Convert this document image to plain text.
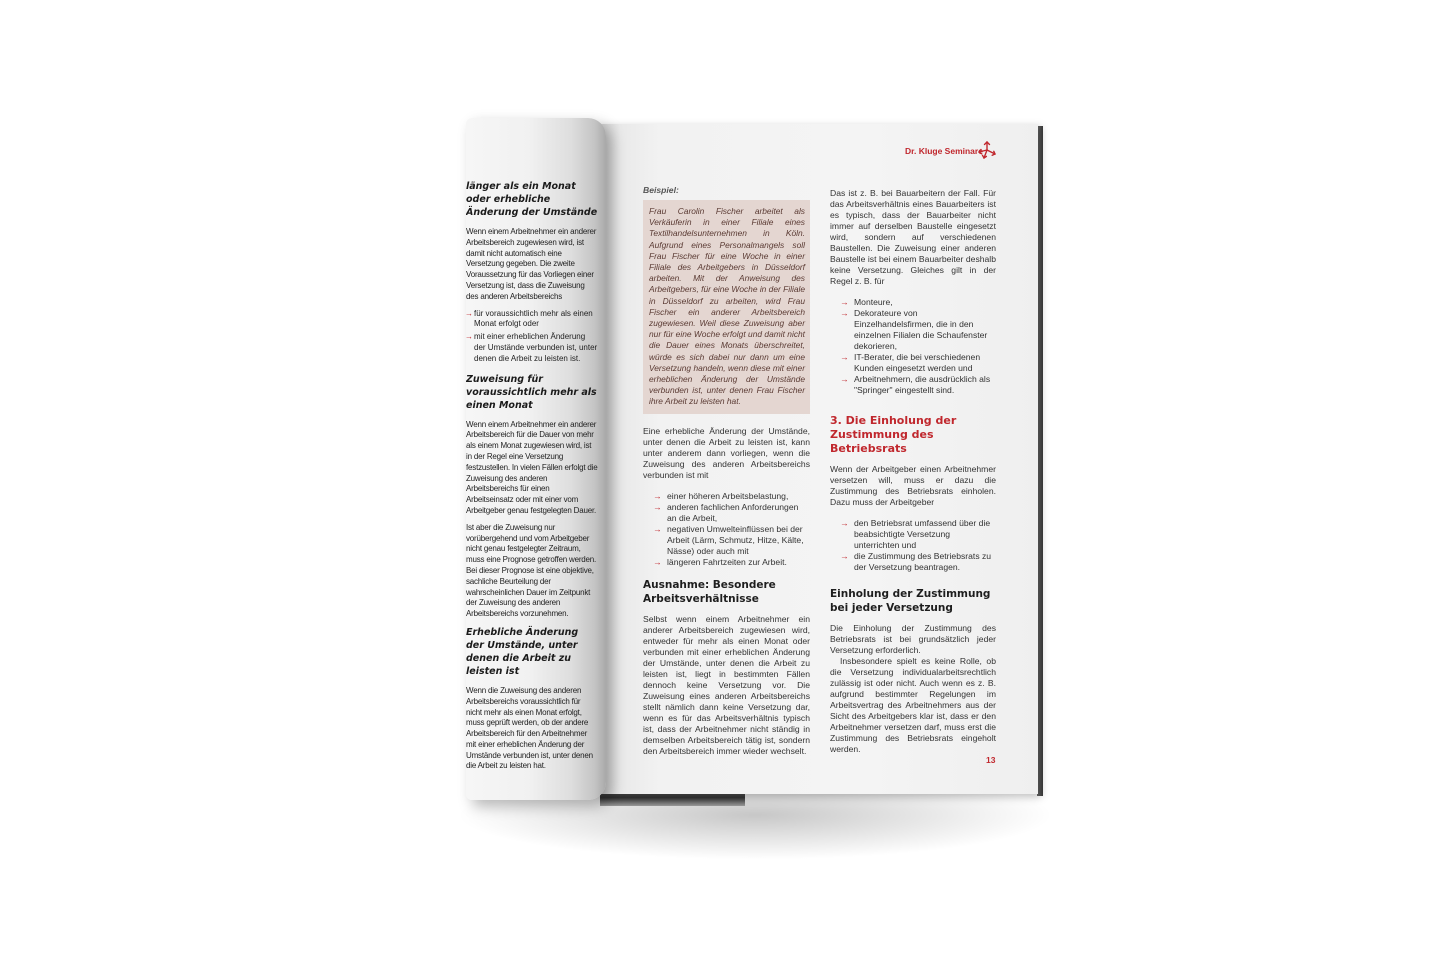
Dr. Kluge Seminare

Beispiel:

Frau Carolin Fischer arbeitet als Verkäuferin in einer Filiale eines Textilhandelsunternehmen in Köln. Aufgrund eines Personalmangels soll Frau Fischer für eine Woche in einer Filiale des Arbeitgebers in Düsseldorf arbeiten. Mit der Anweisung des Arbeitgebers, für eine Woche in der Filiale in Düsseldorf zu arbeiten, wird Frau Fischer ein anderer Arbeitsbereich zugewiesen. Weil diese Zuweisung aber nur für eine Woche erfolgt und damit nicht die Dauer eines Monats überschreitet, würde es sich dabei nur dann um eine Versetzung handeln, wenn diese mit einer erheblichen Änderung der Umstände verbunden ist, unter denen Frau Fischer ihre Arbeit zu leisten hat.

Eine erhebliche Änderung der Umstände, unter denen die Arbeit zu leisten ist, kann unter anderem dann vorliegen, wenn die Zuweisung des anderen Arbeitsbereichs verbunden ist mit

→ einer höheren Arbeitsbelastung,
→ anderen fachlichen Anforderungen an die Arbeit,
→ negativen Umwelteinflüssen bei der Arbeit (Lärm, Schmutz, Hitze, Kälte, Nässe) oder auch mit
→ längeren Fahrtzeiten zur Arbeit.
Ausnahme: Besondere Arbeitsverhältnisse

Selbst wenn einem Arbeitnehmer ein anderer Arbeitsbereich zugewiesen wird, entweder für mehr als einen Monat oder verbunden mit einer erheblichen Änderung der Umstände, unter denen die Arbeit zu leisten ist, liegt in bestimmten Fällen dennoch keine Versetzung vor. Die Zuweisung eines anderen Arbeitsbereichs stellt nämlich dann keine Versetzung dar, wenn es für das Arbeitsverhältnis typisch ist, dass der Arbeitnehmer nicht ständig in demselben Arbeitsbereich tätig ist, sondern den Arbeitsbereich immer wieder wechselt.

Das ist z. B. bei Bauarbeitern der Fall. Für das Arbeitsverhältnis eines Bauarbeiters ist es typisch, dass der Bauarbeiter nicht immer auf derselben Baustelle eingesetzt wird, sondern auf verschiedenen Baustellen. Die Zuweisung einer anderen Baustelle ist bei einem Bauarbeiter deshalb keine Versetzung. Gleiches gilt in der Regel z. B. für

→ Monteure,
→ Dekorateure von Einzelhandelsfirmen, die in den einzelnen Filialen die Schaufenster dekorieren,
→ IT-Berater, die bei verschiedenen Kunden eingesetzt werden und
→ Arbeitnehmern, die ausdrücklich als "Springer" eingestellt sind.
3. Die Einholung der Zustimmung des Betriebsrats

Wenn der Arbeitgeber einen Arbeitnehmer versetzen will, muss er dazu die Zustimmung des Betriebsrats einholen. Dazu muss der Arbeitgeber

→ den Betriebsrat umfassend über die beabsichtigte Versetzung unterrichten und
→ die Zustimmung des Betriebsrats zu der Versetzung beantragen.
Einholung der Zustimmung bei jeder Versetzung

Die Einholung der Zustimmung des Betriebsrats ist bei grundsätzlich jeder Versetzung erforderlich.

Insbesondere spielt es keine Rolle, ob die Versetzung individualarbeitsrechtlich zulässig ist oder nicht. Auch wenn es z. B. aufgrund bestimmter Regelungen im Arbeitsvertrag des Arbeitnehmers aus der Sicht des Arbeitgebers klar ist, dass er den Arbeitnehmer versetzen darf, muss erst die Zustimmung des Betriebsrats eingeholt werden.

13
länger als ein Monat oder erhebliche Änderung der Umstände

Wenn einem Arbeitnehmer ein anderer Arbeitsbereich zugewiesen wird, ist damit nicht automatisch eine Versetzung gegeben. Die zweite Voraussetzung für das Vorliegen einer Versetzung ist, dass die Zuweisung des anderen Arbeitsbereichs

→ für voraussichtlich mehr als einen Monat erfolgt oder
→ mit einer erheblichen Änderung der Umstände verbunden ist, unter denen die Arbeit zu leisten ist.
Zuweisung für voraussichtlich mehr als einen Monat

Wenn einem Arbeitnehmer ein anderer Arbeitsbereich für die Dauer von mehr als einem Monat zugewiesen wird, ist in der Regel eine Versetzung festzustellen. In vielen Fällen erfolgt die Zuweisung des anderen Arbeitsbereichs für einen Arbeitseinsatz oder mit einer vom Arbeitgeber genau festgelegten Dauer.

Ist aber die Zuweisung nur vorübergehend und vom Arbeitgeber nicht genau festgelegter Zeitraum, muss eine Prognose getroffen werden. Bei dieser Prognose ist eine objektive, sachliche Beurteilung der wahrscheinlichen Dauer im Zeitpunkt der Zuweisung des anderen Arbeitsbereichs vorzunehmen.

Erhebliche Änderung der Umstände, unter denen die Arbeit zu leisten ist

Wenn die Zuweisung des anderen Arbeitsbereichs voraussichtlich für nicht mehr als einen Monat erfolgt, muss geprüft werden, ob der andere Arbeitsbereich für den Arbeitnehmer mit einer erheblichen Änderung der Umstände verbunden ist, unter denen die Arbeit zu leisten hat.
